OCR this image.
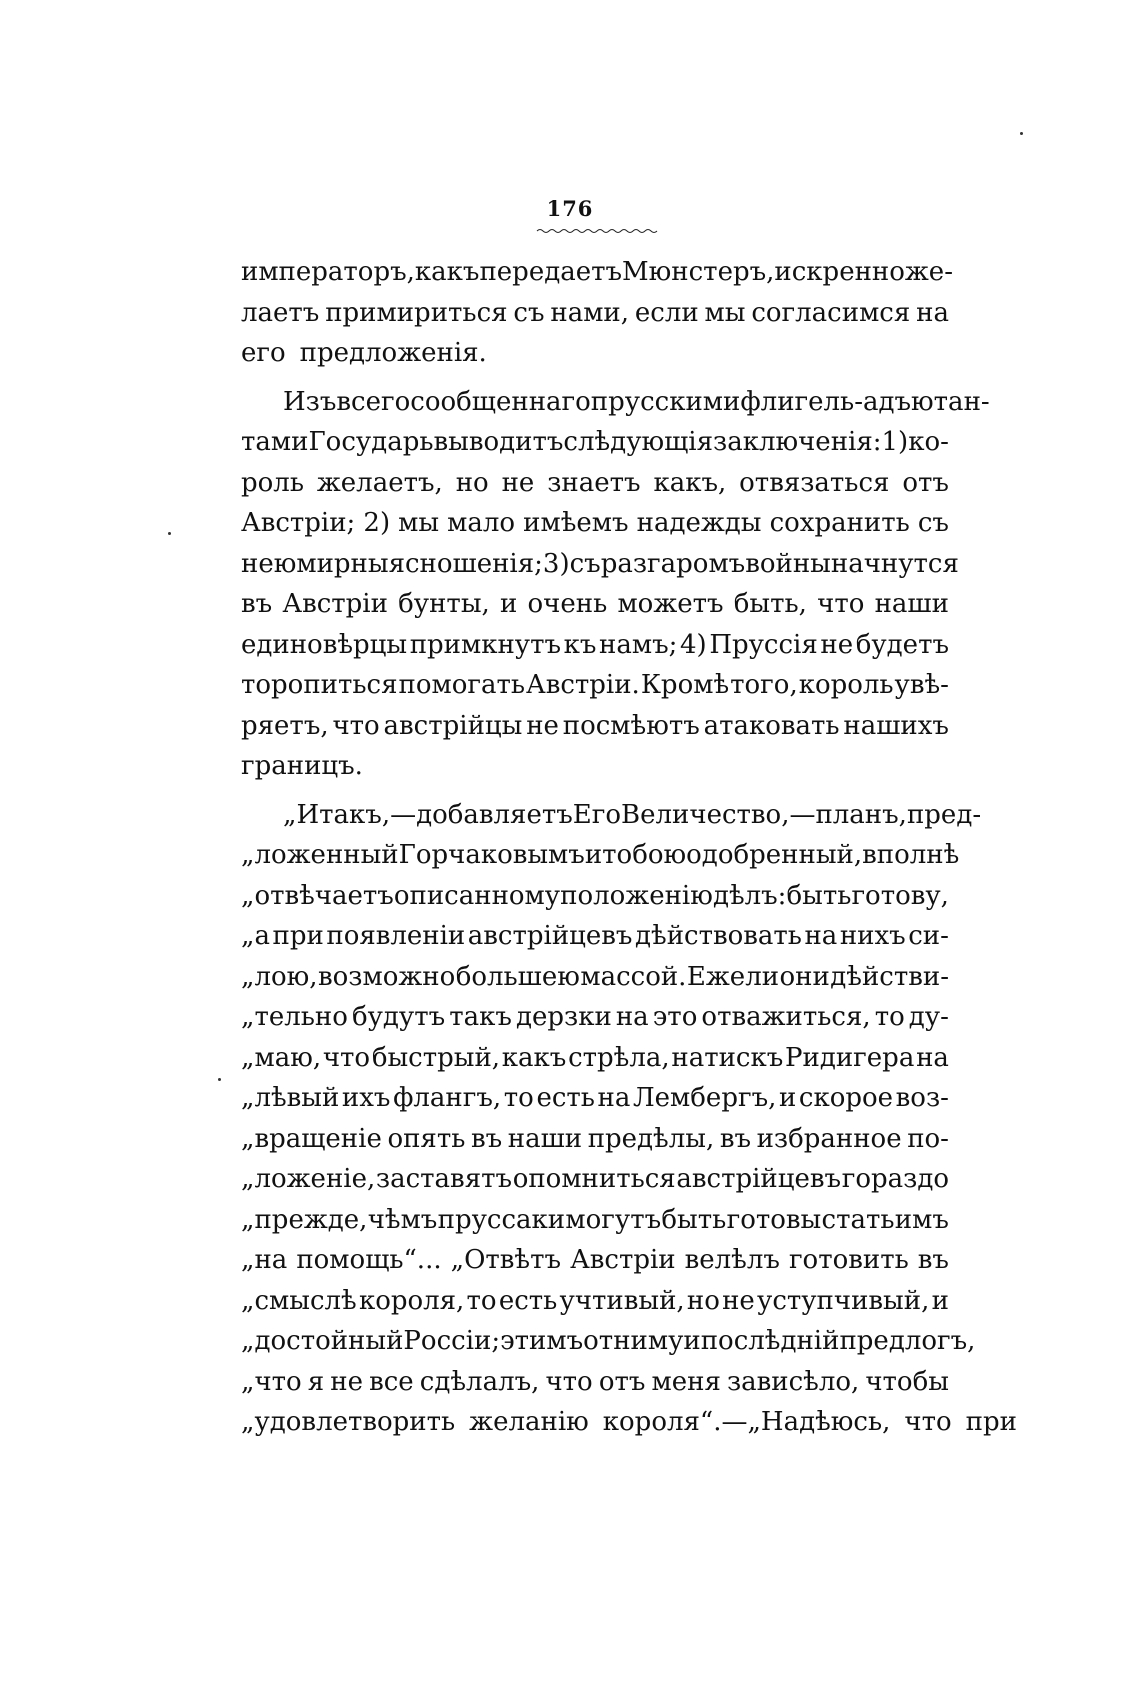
176
императоръ, какъ передаетъ Мюнстеръ, искренно же-
лаетъ примириться съ нами, если мы согласимся на
его предложенія.
Изъ всего сообщеннаго прусскими флигель-адъютан-
тами Государь выводитъ слѣдующія заключенія: 1) ко-
роль желаетъ, но не знаетъ какъ, отвязаться отъ
Австріи; 2) мы мало имѣемъ надежды сохранить съ
нею мирныя сношенія; 3) съ разгаромъ войны начнутся
въ Австріи бунты, и очень можетъ быть, что наши
единовѣрцы примкнутъ къ намъ; 4) Пруссія не будетъ
торопиться помогать Австріи. Кромѣ того, король увѣ-
ряетъ, что австрійцы не посмѣютъ атаковать нашихъ
границъ.
„Итакъ,—добавляетъ Его Величество,—планъ, пред-
„ложенный Горчаковымъ и тобою одобренный, вполнѣ
„отвѣчаетъ описанному положенію дѣлъ: быть готову,
„а при появленіи австрійцевъ дѣйствовать на нихъ си-
„лою, возможно большею массой. Ежели они дѣйстви-
„тельно будутъ такъ дерзки на это отважиться, то ду-
„маю, что быстрый, какъ стрѣла, натискъ Ридигера на
„лѣвый ихъ флангъ, то есть на Лембергъ, и скорое воз-
„вращеніе опять въ наши предѣлы, въ избранное по-
„ложеніе, заставятъ опомниться австрійцевъ гораздо
„прежде, чѣмъ пруссаки могутъ быть готовы стать имъ
„на помощь“... „Отвѣтъ Австріи велѣлъ готовить въ
„смыслѣ короля, то есть учтивый, но не уступчивый, и
„достойный Россіи; этимъ отниму и послѣдній предлогъ,
„что я не все сдѣлалъ, что отъ меня зависѣло, чтобы
„удовлетворить желанію короля“.—„Надѣюсь, что при
